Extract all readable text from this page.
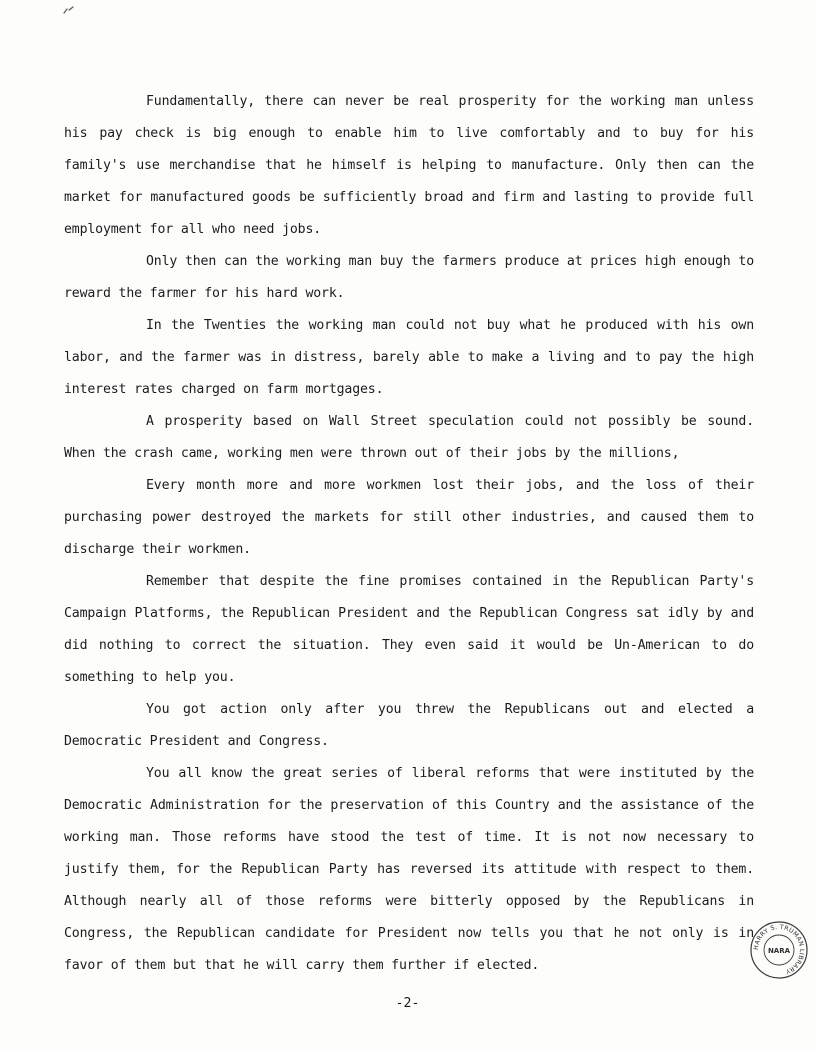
Fundamentally, there can never be real prosperity for the working man unless his pay check is big enough to enable him to live comfortably and to buy for his family's use merchandise that he himself is helping to manufacture. Only then can the market for manufactured goods be sufficiently broad and firm and lasting to provide full employment for all who need jobs.

Only then can the working man buy the farmers produce at prices high enough to reward the farmer for his hard work.

In the Twenties the working man could not buy what he produced with his own labor, and the farmer was in distress, barely able to make a living and to pay the high interest rates charged on farm mortgages.

A prosperity based on Wall Street speculation could not possibly be sound. When the crash came, working men were thrown out of their jobs by the millions,

Every month more and more workmen lost their jobs, and the loss of their purchasing power destroyed the markets for still other industries, and caused them to discharge their workmen.

Remember that despite the fine promises contained in the Republican Party's Campaign Platforms, the Republican President and the Republican Congress sat idly by and did nothing to correct the situation. They even said it would be Un-American to do something to help you.

You got action only after you threw the Republicans out and elected a Democratic President and Congress.

You all know the great series of liberal reforms that were instituted by the Democratic Administration for the preservation of this Country and the assistance of the working man. Those reforms have stood the test of time. It is not now necessary to justify them, for the Republican Party has reversed its attitude with respect to them. Although nearly all of those reforms were bitterly opposed by the Republicans in Congress, the Republican candidate for President now tells you that he not only is in favor of them but that he will carry them further if elected.

-2-
HARRY S. TRUMAN LIBRARY
NARA
